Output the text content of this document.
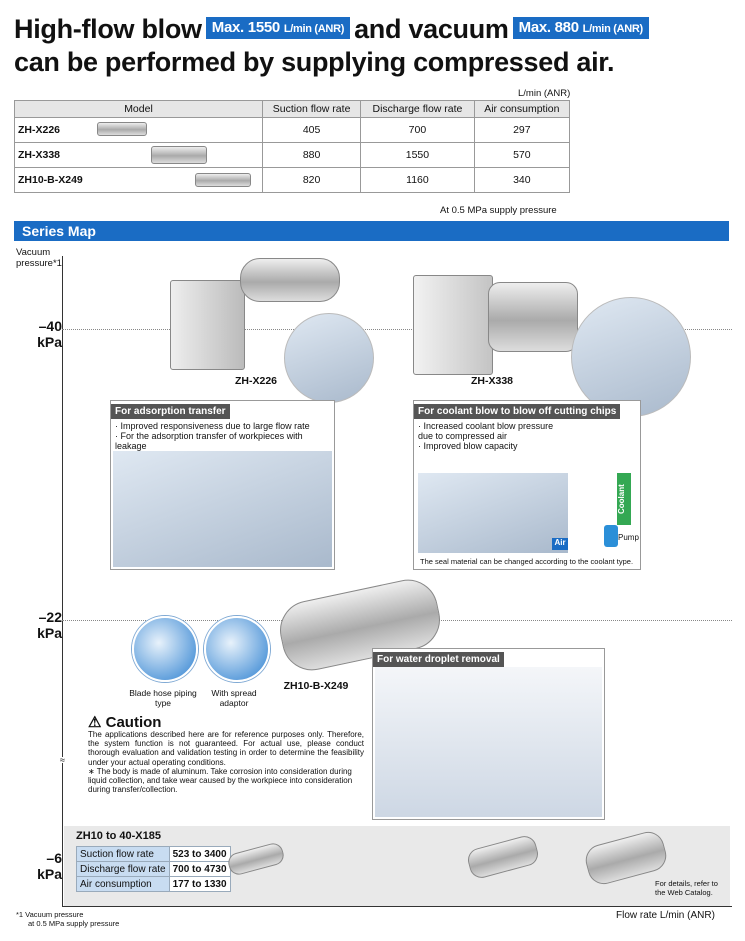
High-flow blow Max. 1550 L/min (ANR) and vacuum Max. 880 L/min (ANR)
can be performed by supplying compressed air.
L/min (ANR)
Model	Suction flow rate	Discharge flow rate	Air consumption
ZH-X226	405	700	297
ZH-X338	880	1550	570
ZH10-B-X249	820	1160	340
At 0.5 MPa supply pressure
Series Map
Vacuum
pressure*1
–40
kPa
–22
kPa
–6
kPa
≈
ZH-X226	ZH-X338
For adsorption transfer
· Improved responsiveness due to large flow rate
· For the adsorption transfer of workpieces with leakage
For coolant blow to blow off cutting chips
· Increased coolant blow pressure due to compressed air
· Improved blow capacity
Coolant
Air
Pump
The seal material can be changed according to the coolant type.
ZH10-B-X249
Blade hose piping type
With spread adaptor
For water droplet removal
⚠ Caution
The applications described here are for reference purposes only. Therefore, the system function is not guaranteed. For actual use, please conduct thorough evaluation and validation testing in order to determine the feasibility under your actual operating conditions.
∗ The body is made of aluminum. Take corrosion into consideration during liquid collection, and take wear caused by the workpiece into consideration during transfer/collection.
ZH10 to 40-X185
Suction flow rate	523 to 3400
Discharge flow rate	700 to 4730
Air consumption	177 to 1330	For details, refer to the Web Catalog.
Flow rate L/min (ANR)
*1 Vacuum pressure
at 0.5 MPa supply pressure
